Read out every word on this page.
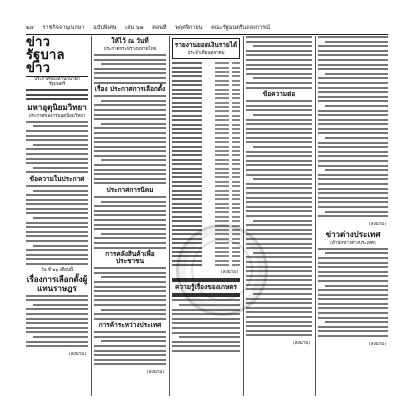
๒๔ ราชกิจจานุเบกษา ฉบับพิเศษ เล่ม ๖๗ ตอนที่ พฤศจิกายน คณะรัฐมนตรีแถลงการณ์
ข่าวรัฐบาลข่าว
ประกาศของสำนักนายกรัฐมนตรี
มหาอุตุนิยมวิทยา
ประกาศของกรมอุตุนิยมวิทยา
ข้อความในประกาศ
วัน ที่ ๒๖ เดือนนี้
เรื่องการเลือกตั้งผู้แทนราษฎร
(ลงนาม)
ให้ไว้ ณ วันที่
ประกาศกระทรวงมหาดไทย
เรื่อง ประกาศการเลือกตั้ง
ประกาศการนิคม
การคลังสินค้าเพื่อประชาชน
การค้าระหว่างประเทศ
(ลงนาม)
รายงานยอดเงินรายได้
ประจำเดือนตุลาคม
(ลงนาม)
ความรู้เรื่องของเกษตร
ข้อความต่อ
(ลงนาม)
(ลงนาม)
ข่าวต่างประเทศ
(สำนักข่าวต่างประเทศ)
(ลงนาม)
